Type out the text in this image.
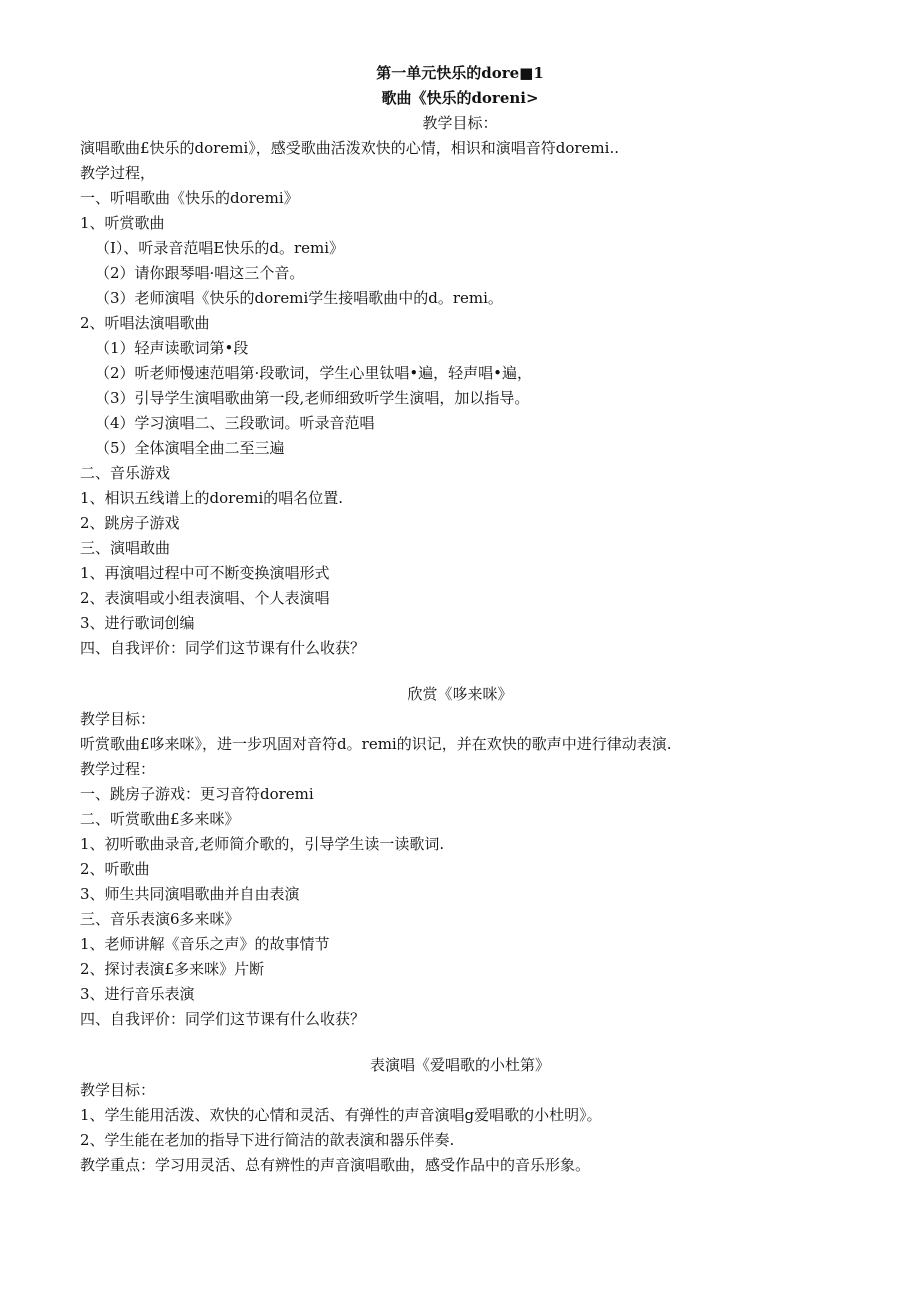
第一单元快乐的dore■1
歌曲《快乐的doreni>
教学目标：
演唱歌曲£快乐的doremi》，感受歌曲活泼欢快的心情，相识和演唱音符doremi..
教学过程，
一、听唱歌曲《快乐的doremi》
1、听赏歌曲
（I）、听录音范唱E快乐的d。remi》
（2）请你跟琴唱·唱这三个音。
（3）老师演唱《快乐的doremi学生接唱歌曲中的d。remi。
2、听唱法演唱歌曲
（1）轻声读歌词第•段
（2）听老师慢速范唱第·段歌词，学生心里钛唱•遍，轻声唱•遍，
（3）引导学生演唱歌曲第一段,老师细致听学生演唱，加以指导。
（4）学习演唱二、三段歌词。听录音范唱
（5）全体演唱全曲二至三遍
二、音乐游戏
1、相识五线谱上的doremi的唱名位置.
2、跳房子游戏
三、演唱敢曲
1、再演唱过程中可不断变换演唱形式
2、表演唱或小组表演唱、个人表演唱
3、进行歌词创编
四、自我评价：同学们这节课有什么收获？
欣赏《哆来咪》
教学目标：
听赏歌曲£哆来咪》，进一步巩固对音符d。remi的识记，并在欢快的歌声中进行律动表演.
教学过程：
一、跳房子游戏：更习音符doremi
二、听赏歌曲£多来咪》
1、初听歌曲录音,老师简介歌的，引导学生读一读歌词.
2、听歌曲
3、师生共同演唱歌曲并自由表演
三、音乐表演6多来咪》
1、老师讲解《音乐之声》的故事情节
2、探讨表演£多来咪》片断
3、进行音乐表演
四、自我评价：同学们这节课有什么收获？
表演唱《爱唱歌的小杜第》
教学目标：
1、学生能用活泼、欢快的心情和灵活、有弹性的声音演唱g爱唱歌的小杜明》。
2、学生能在老加的指导下进行简洁的歆表演和器乐伴奏.
教学重点：学习用灵活、总有辨性的声音演唱歌曲，感受作品中的音乐形象。
